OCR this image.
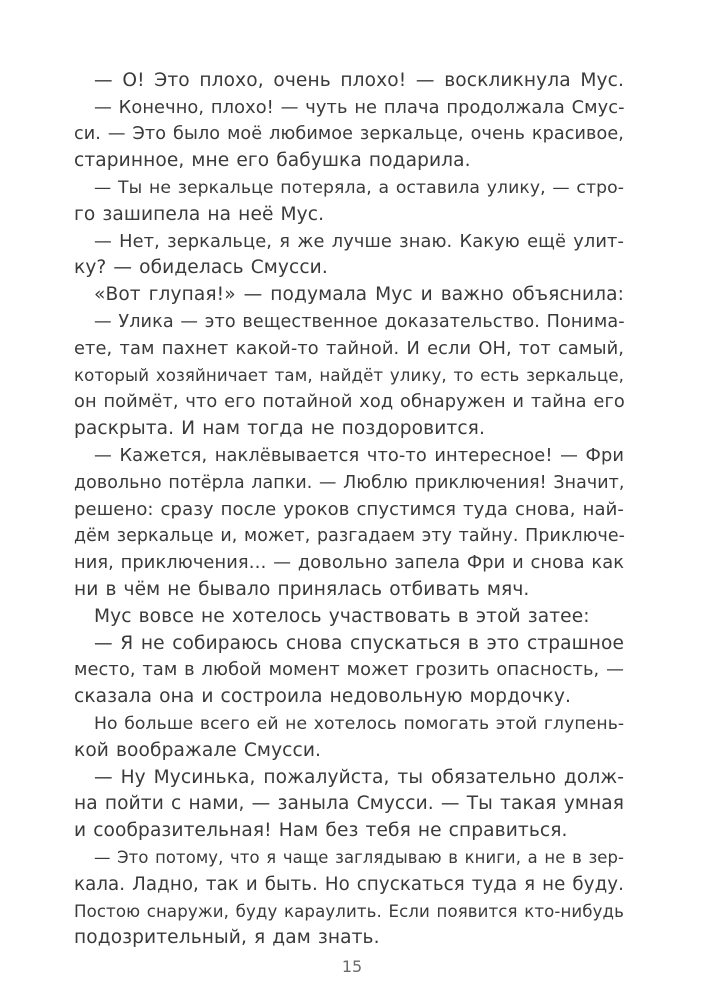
— О! Это плохо, очень плохо! — воскликнула Мус.
— Конечно, плохо! — чуть не плача продолжала Смус-
си. — Это было моё любимое зеркальце, очень красивое,
старинное, мне его бабушка подарила.
— Ты не зеркальце потеряла, а оставила улику, — стро-
го зашипела на неё Мус.
— Нет, зеркальце, я же лучше знаю. Какую ещё улит-
ку? — обиделась Смусси.
«Вот глупая!» — подумала Мус и важно объяснила:
— Улика — это вещественное доказательство. Понима-
ете, там пахнет какой-то тайной. И если ОН, тот самый,
который хозяйничает там, найдёт улику, то есть зеркальце,
он поймёт, что его потайной ход обнаружен и тайна его
раскрыта. И нам тогда не поздоровится.
— Кажется, наклёвывается что-то интересное! — Фри
довольно потёрла лапки. — Люблю приключения! Значит,
решено: сразу после уроков спустимся туда снова, най-
дём зеркальце и, может, разгадаем эту тайну. Приключе-
ния, приключения… — довольно запела Фри и снова как
ни в чём не бывало принялась отбивать мяч.
Мус вовсе не хотелось участвовать в этой затее:
— Я не собираюсь снова спускаться в это страшное
место, там в любой момент может грозить опасность, —
сказала она и состроила недовольную мордочку.
Но больше всего ей не хотелось помогать этой глупень-
кой воображале Смусси.
— Ну Мусинька, пожалуйста, ты обязательно долж-
на пойти с нами, — заныла Смусси. — Ты такая умная
и сообразительная! Нам без тебя не справиться.
— Это потому, что я чаще заглядываю в книги, а не в зер-
кала. Ладно, так и быть. Но спускаться туда я не буду.
Постою снаружи, буду караулить. Если появится кто-нибудь
подозрительный, я дам знать.
15
